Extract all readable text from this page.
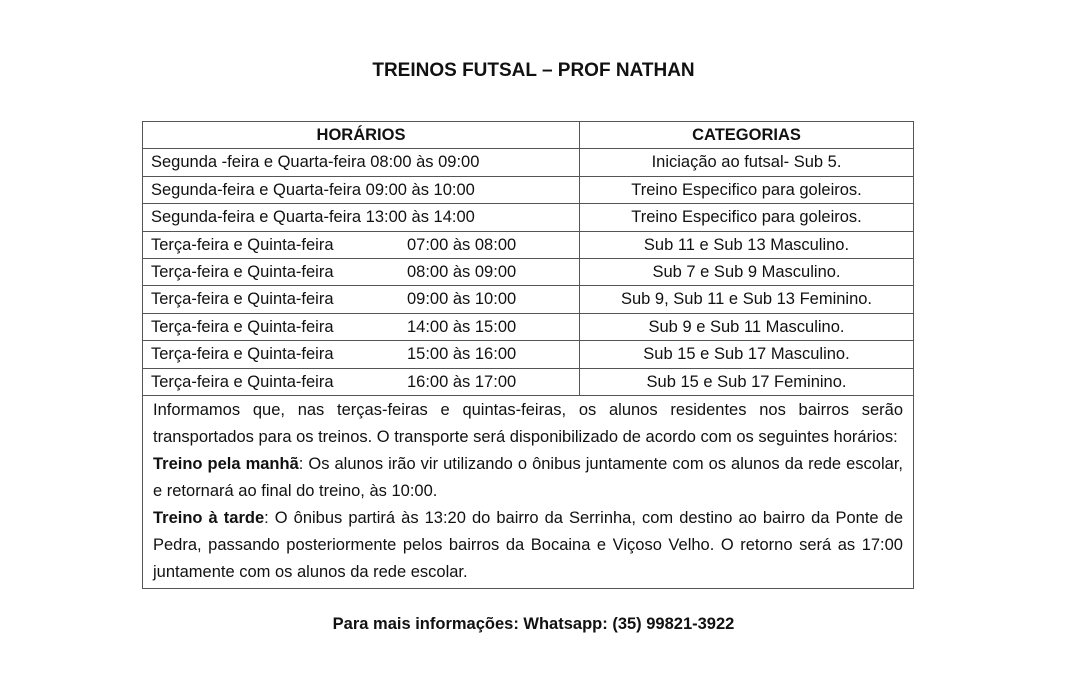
TREINOS FUTSAL – PROF NATHAN
HORÁRIOS	CATEGORIAS
Segunda -feira e Quarta-feira 08:00 às 09:00	Iniciação ao futsal- Sub 5.
Segunda-feira e Quarta-feira 09:00 às 10:00	Treino Especifico para goleiros.
Segunda-feira e Quarta-feira 13:00 às 14:00	Treino Especifico para goleiros.
Terça-feira e Quinta-feira 07:00 às 08:00	Sub 11 e Sub 13 Masculino.
Terça-feira e Quinta-feira 08:00 às 09:00	Sub 7 e Sub 9 Masculino.
Terça-feira e Quinta-feira 09:00 às 10:00	Sub 9, Sub 11 e Sub 13 Feminino.
Terça-feira e Quinta-feira 14:00 às 15:00	Sub 9 e Sub 11 Masculino.
Terça-feira e Quinta-feira 15:00 às 16:00	Sub 15 e Sub 17 Masculino.
Terça-feira e Quinta-feira 16:00 às 17:00	Sub 15 e Sub 17 Feminino.

Informamos que, nas terças-feiras e quintas-feiras, os alunos residentes nos bairros serão transportados para os treinos. O transporte será disponibilizado de acordo com os seguintes horários:

Treino pela manhã: Os alunos irão vir utilizando o ônibus juntamente com os alunos da rede escolar, e retornará ao final do treino, às 10:00.

Treino à tarde: O ônibus partirá às 13:20 do bairro da Serrinha, com destino ao bairro da Ponte de Pedra, passando posteriormente pelos bairros da Bocaina e Viçoso Velho. O retorno será as 17:00 juntamente com os alunos da rede escolar.	

Para mais informações: Whatsapp: (35) 99821-3922
